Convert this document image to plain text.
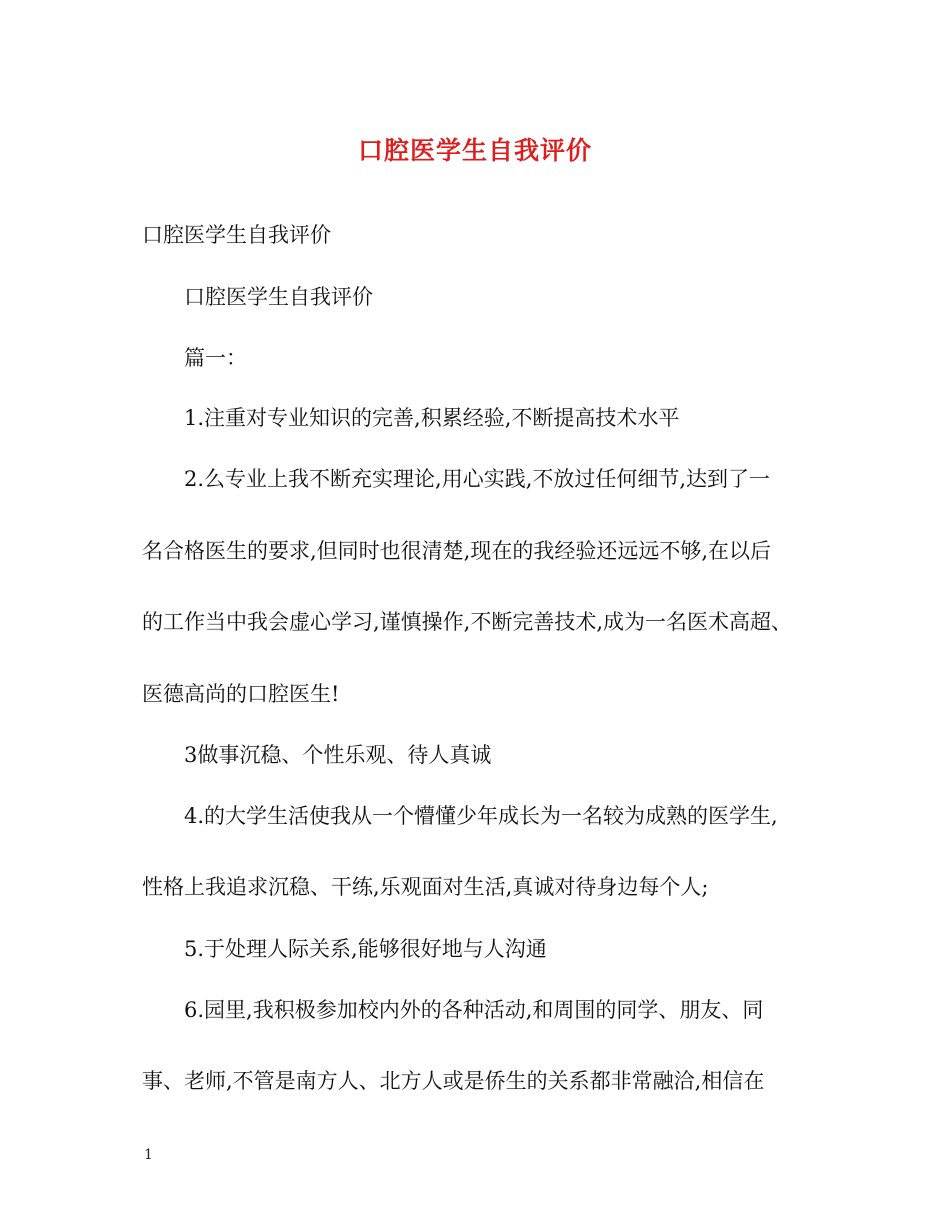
口腔医学生自我评价
口腔医学生自我评价
口腔医学生自我评价
篇一：
1.注重对专业知识的完善,积累经验,不断提高技术水平
2.么专业上我不断充实理论,用心实践,不放过任何细节,达到了一
名合格医生的要求,但同时也很清楚,现在的我经验还远远不够,在以后
的工作当中我会虚心学习,谨慎操作,不断完善技术,成为一名医术高超、
医德高尚的口腔医生!
3做事沉稳、个性乐观、待人真诚
4.的大学生活使我从一个懵懂少年成长为一名较为成熟的医学生,
性格上我追求沉稳、干练,乐观面对生活,真诚对待身边每个人;
5.于处理人际关系,能够很好地与人沟通
6.园里,我积极参加校内外的各种活动,和周围的同学、朋友、同
事、老师,不管是南方人、北方人或是侨生的关系都非常融洽,相信在
1
